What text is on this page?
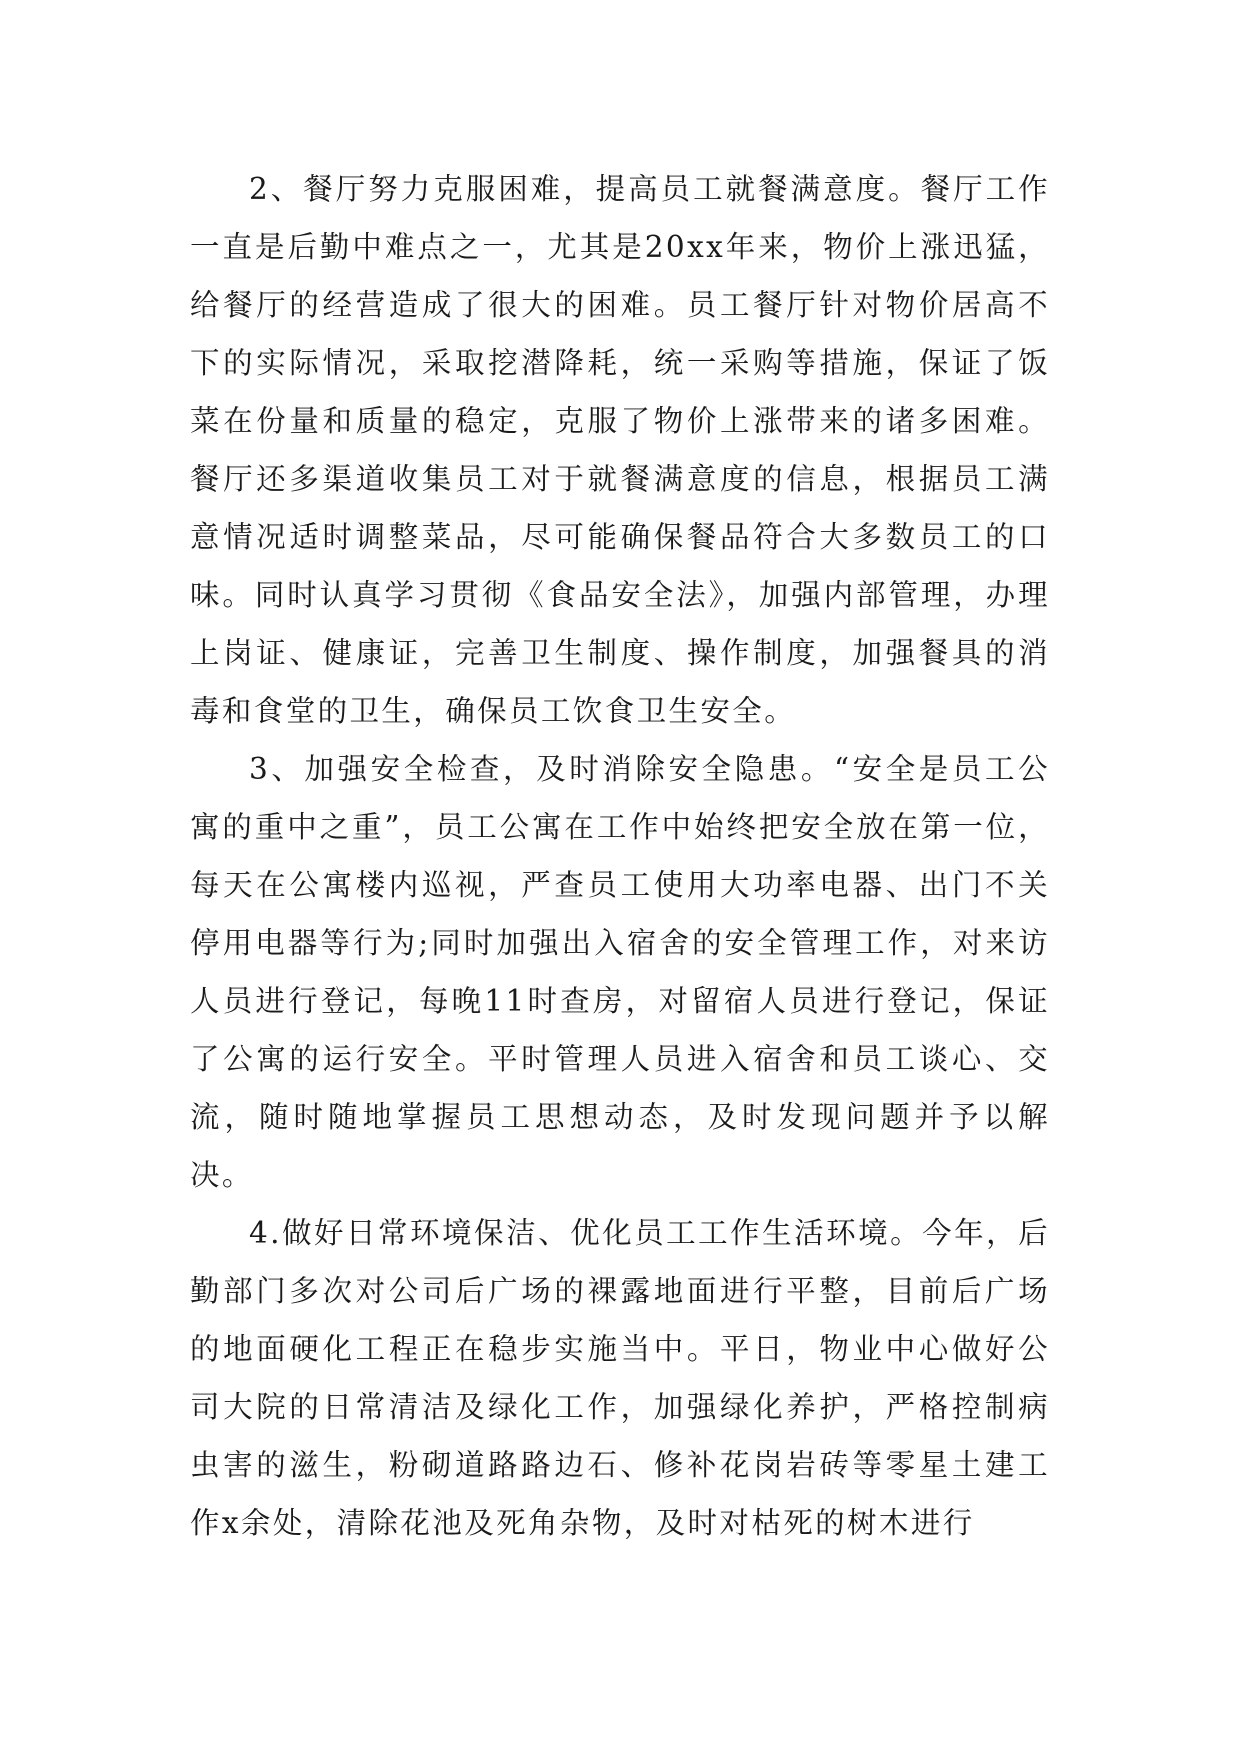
2、餐厅努力克服困难，提高员工就餐满意度。餐厅工作一直是后勤中难点之一，尤其是20xx年来，物价上涨迅猛，给餐厅的经营造成了很大的困难。员工餐厅针对物价居高不下的实际情况，采取挖潜降耗，统一采购等措施，保证了饭菜在份量和质量的稳定，克服了物价上涨带来的诸多困难。餐厅还多渠道收集员工对于就餐满意度的信息，根据员工满意情况适时调整菜品，尽可能确保餐品符合大多数员工的口味。同时认真学习贯彻《食品安全法》，加强内部管理，办理上岗证、健康证，完善卫生制度、操作制度，加强餐具的消毒和食堂的卫生，确保员工饮食卫生安全。

3、加强安全检查，及时消除安全隐患。“安全是员工公寓的重中之重”，员工公寓在工作中始终把安全放在第一位，每天在公寓楼内巡视，严查员工使用大功率电器、出门不关停用电器等行为;同时加强出入宿舍的安全管理工作，对来访人员进行登记，每晚11时查房，对留宿人员进行登记，保证了公寓的运行安全。平时管理人员进入宿舍和员工谈心、交流，随时随地掌握员工思想动态，及时发现问题并予以解决。

4.做好日常环境保洁、优化员工工作生活环境。今年，后勤部门多次对公司后广场的裸露地面进行平整，目前后广场的地面硬化工程正在稳步实施当中。平日，物业中心做好公司大院的日常清洁及绿化工作，加强绿化养护，严格控制病虫害的滋生，粉砌道路路边石、修补花岗岩砖等零星土建工作x余处，清除花池及死角杂物，及时对枯死的树木进行
